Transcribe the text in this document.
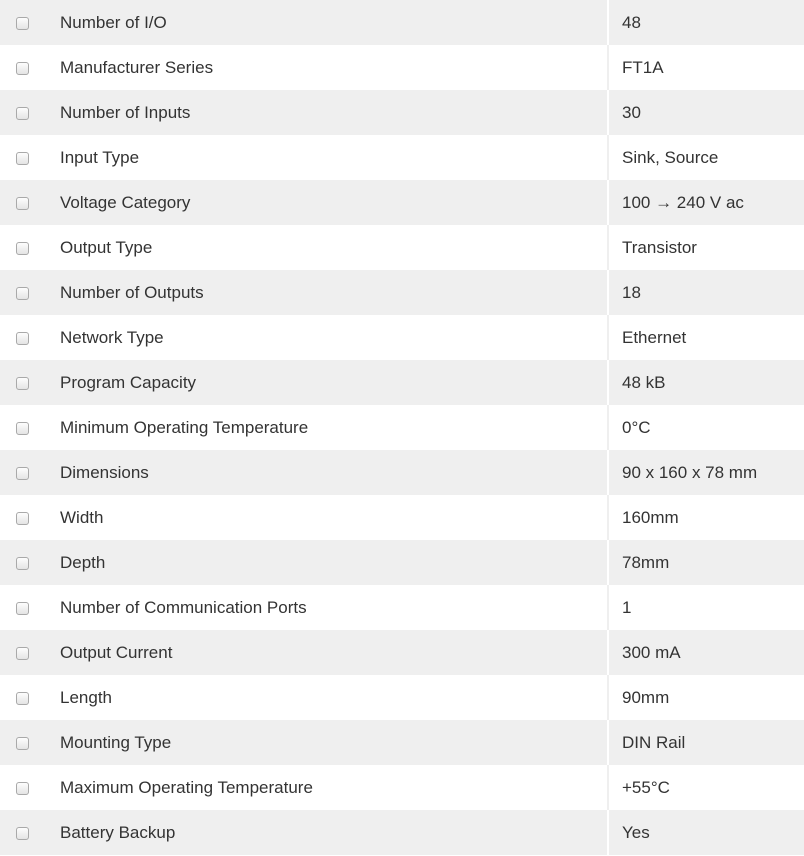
	Number of I/O	48
	Manufacturer Series	FT1A
	Number of Inputs	30
	Input Type	Sink, Source
	Voltage Category	100 → 240 V ac
	Output Type	Transistor
	Number of Outputs	18
	Network Type	Ethernet
	Program Capacity	48 kB
	Minimum Operating Temperature	0°C
	Dimensions	90 x 160 x 78 mm
	Width	160mm
	Depth	78mm
	Number of Communication Ports	1
	Output Current	300 mA
	Length	90mm
	Mounting Type	DIN Rail
	Maximum Operating Temperature	+55°C
	Battery Backup	Yes
